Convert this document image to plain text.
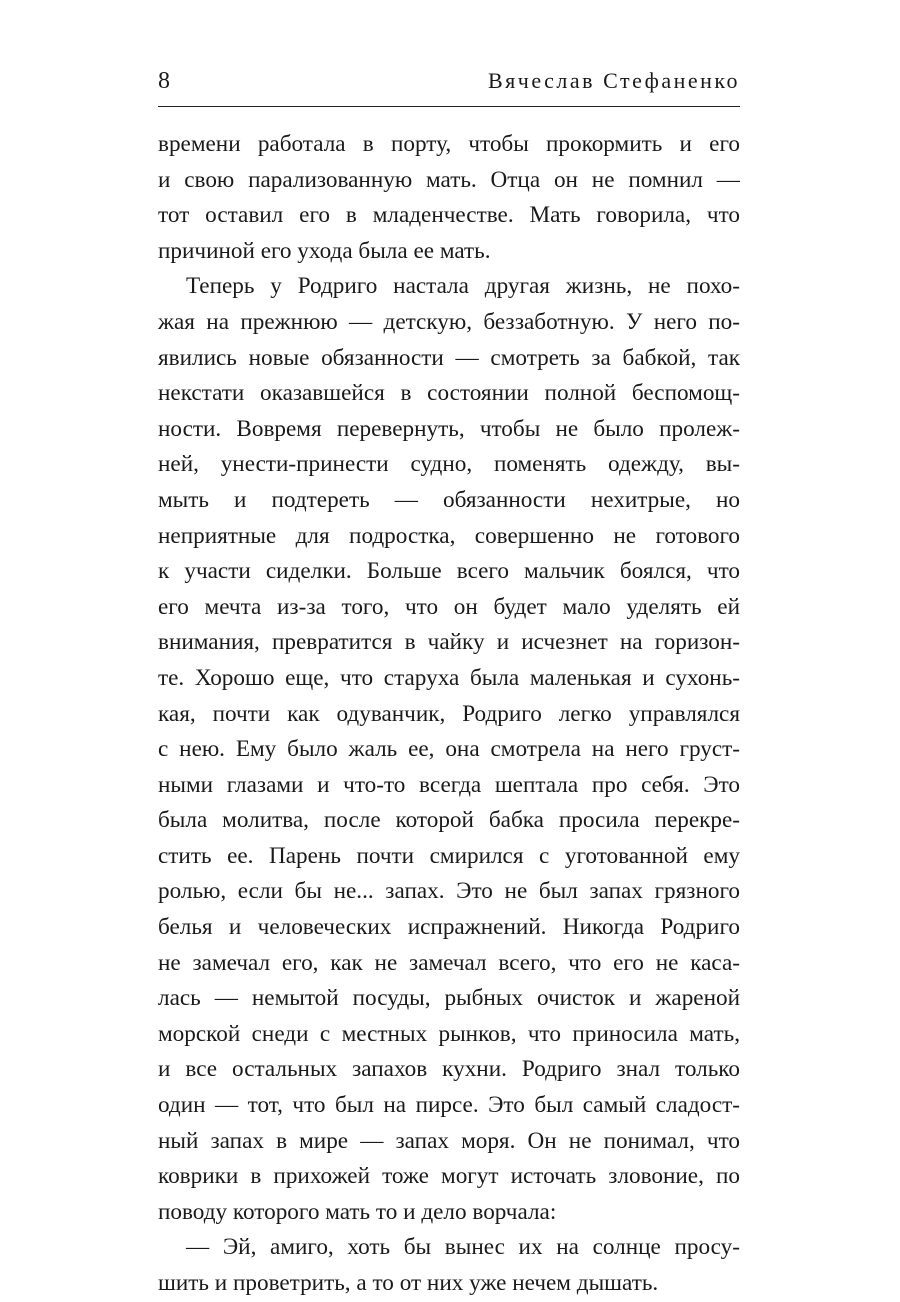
8	Вячеслав Стефаненко
времени работала в порту, чтобы прокормить и его
и свою парализованную мать. Отца он не помнил —
тот оставил его в младенчестве. Мать говорила, что
причиной его ухода была ее мать.
Теперь у Родриго настала другая жизнь, не похо-
жая на прежнюю — детскую, беззаботную. У него по-
явились новые обязанности — смотреть за бабкой, так
некстати оказавшейся в состоянии полной беспомощ-
ности. Вовремя перевернуть, чтобы не было пролеж-
ней, унести-принести судно, поменять одежду, вы-
мыть и подтереть — обязанности нехитрые, но
неприятные для подростка, совершенно не готового
к участи сиделки. Больше всего мальчик боялся, что
его мечта из-за того, что он будет мало уделять ей
внимания, превратится в чайку и исчезнет на горизон-
те. Хорошо еще, что старуха была маленькая и сухонь-
кая, почти как одуванчик, Родриго легко управлялся
с нею. Ему было жаль ее, она смотрела на него груст-
ными глазами и что-то всегда шептала про себя. Это
была молитва, после которой бабка просила перекре-
стить ее. Парень почти смирился с уготованной ему
ролью, если бы не... запах. Это не был запах грязного
белья и человеческих испражнений. Никогда Родриго
не замечал его, как не замечал всего, что его не каса-
лась — немытой посуды, рыбных очисток и жареной
морской снеди с местных рынков, что приносила мать,
и все остальных запахов кухни. Родриго знал только
один — тот, что был на пирсе. Это был самый сладост-
ный запах в мире — запах моря. Он не понимал, что
коврики в прихожей тоже могут источать зловоние, по
поводу которого мать то и дело ворчала:
— Эй, амиго, хоть бы вынес их на солнце просу-
шить и проветрить, а то от них уже нечем дышать.
